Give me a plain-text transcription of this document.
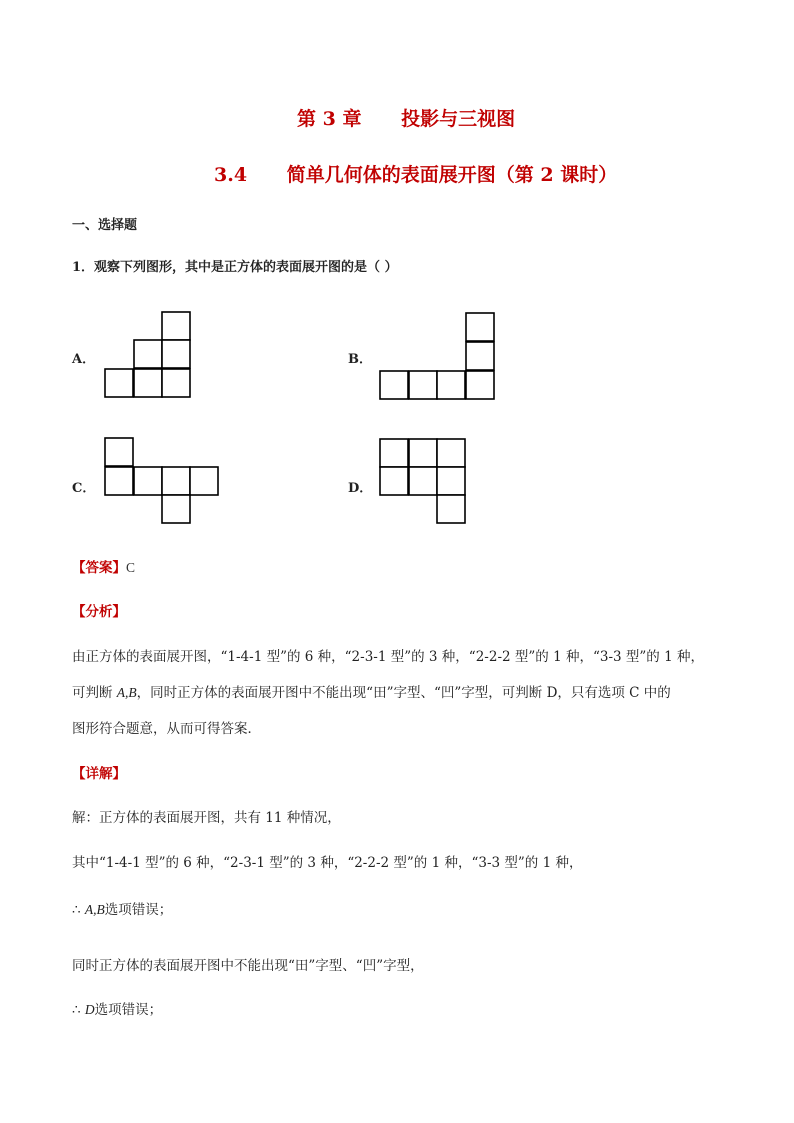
第 3 章      投影与三视图
3.4      简单几何体的表面展开图（第 2 课时）
一、选择题
1．观察下列图形，其中是正方体的表面展开图的是（ ）
A．	B．
C．	D．
【答案】C
【分析】
由正方体的表面展开图，“1-4-1 型”的 6 种，“2-3-1 型”的 3 种，“2-2-2 型”的 1 种，“3-3 型”的 1 种，
可判断 A,B，同时正方体的表面展开图中不能出现“田”字型、“凹”字型，可判断 D，只有选项 C 中的
图形符合题意，从而可得答案．
【详解】
解：正方体的表面展开图，共有 11 种情况，
其中“1-4-1 型”的 6 种，“2-3-1 型”的 3 种，“2-2-2 型”的 1 种，“3-3 型”的 1 种，
∴ A,B选项错误；
同时正方体的表面展开图中不能出现“田”字型、“凹”字型，
∴ D选项错误；
